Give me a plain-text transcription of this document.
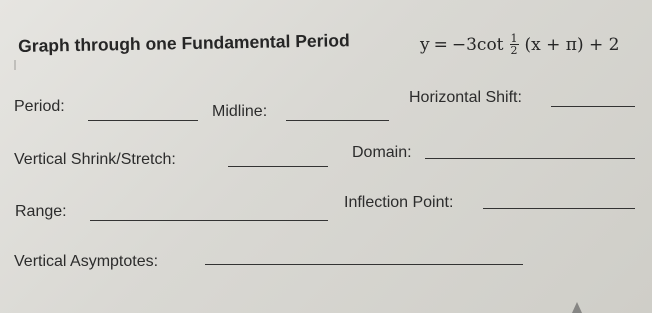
Graph through one Fundamental Period	$y = -3\cot \frac{1}{2} (x + \pi) + 2$
Period:	Midline:
Horizontal Shift:
Vertical Shrink/Stretch:	Domain:
Range:
Inflection Point:
Vertical Asymptotes:
